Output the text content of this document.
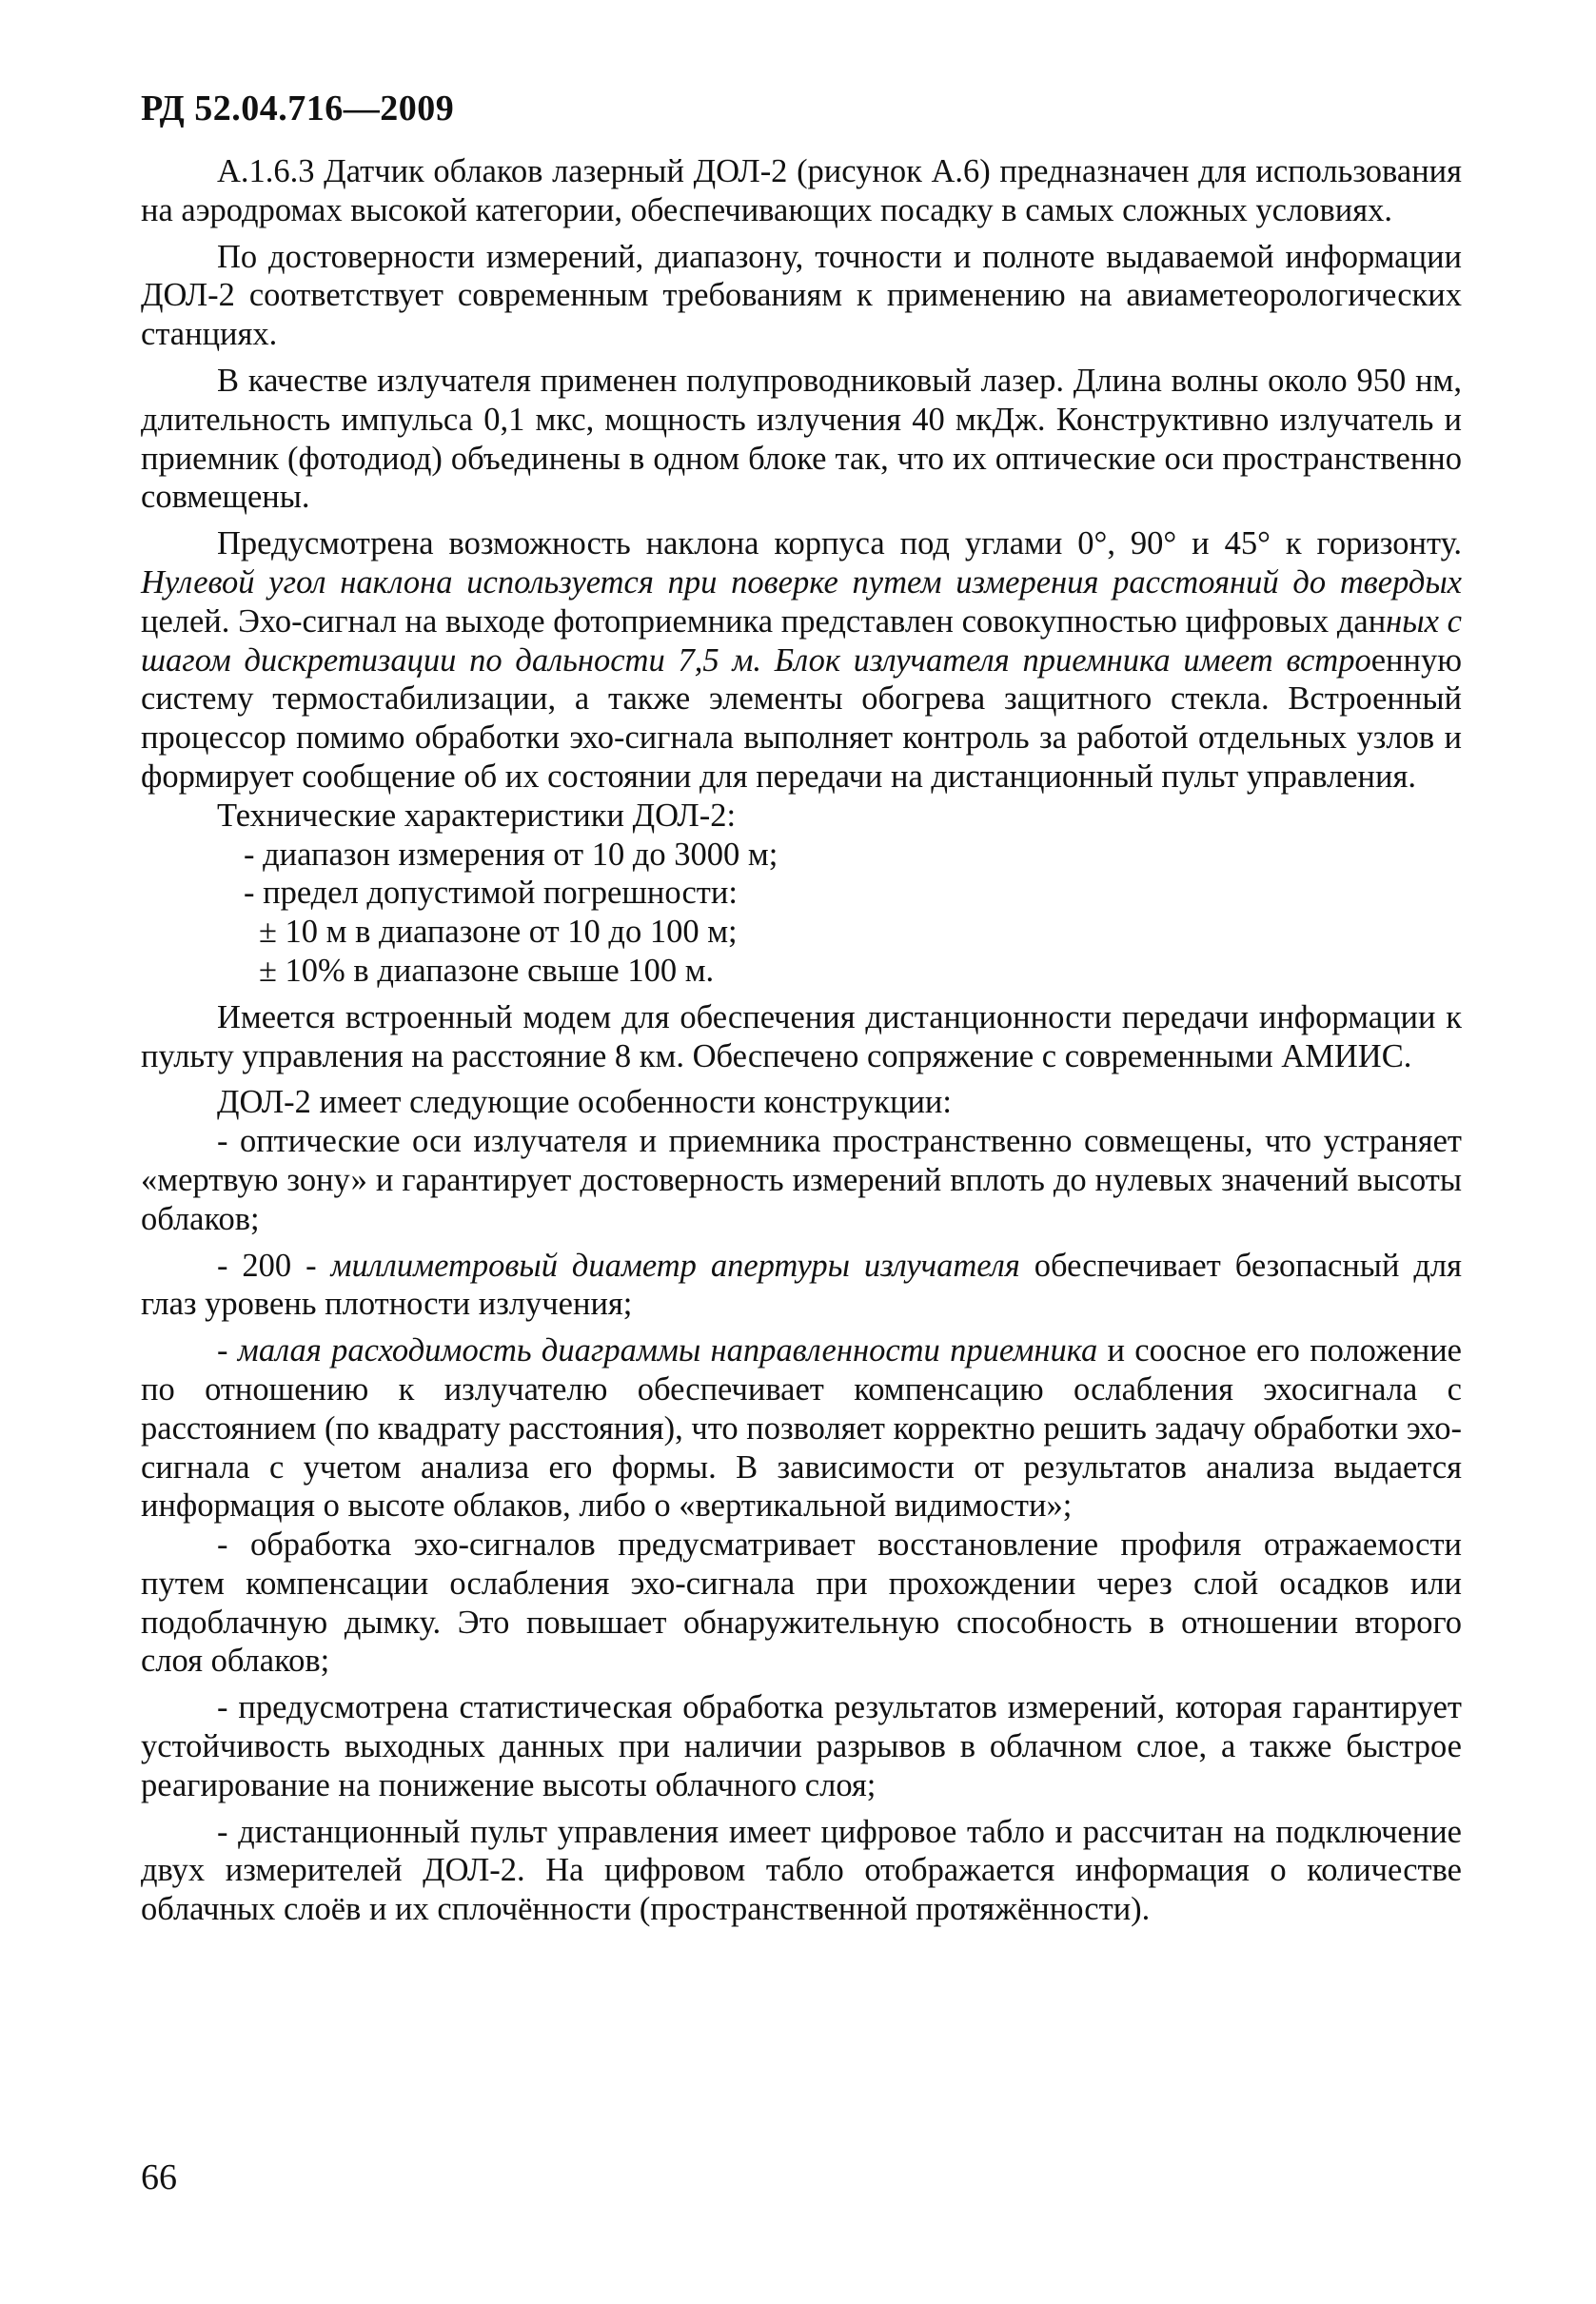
РД 52.04.716—2009

А.1.6.3 Датчик облаков лазерный ДОЛ-2 (рисунок А.6) предназначен для использования на аэродромах высокой категории, обеспечивающих посадку в самых сложных условиях.

По достоверности измерений, диапазону, точности и полноте выдаваемой информации ДОЛ-2 соответствует современным требованиям к применению на авиаметеорологических станциях.

В качестве излучателя применен полупроводниковый лазер. Длина волны около 950 нм, длительность импульса 0,1 мкс, мощность излучения 40 мкДж. Конструктивно излучатель и приемник (фотодиод) объединены в одном блоке так, что их оптические оси пространственно совмещены.

Предусмотрена возможность наклона корпуса под углами 0°, 90° и 45° к горизонту. Нулевой угол наклона используется при поверке путем измерения расстояний до твердых целей. Эхо-сигнал на выходе фотоприемника представлен совокупностью цифровых данных с шагом дискретизации по дальности 7,5 м. Блок излучателя приемника имеет встроенную систему термостабилизации, а также элементы обогрева защитного стекла. Встроенный процессор помимо обработки эхо-сигнала выполняет контроль за работой отдельных узлов и формирует сообщение об их состоянии для передачи на дистанционный пульт управления.

Технические характеристики ДОЛ-2:

- диапазон измерения от 10 до 3000 м;

- предел допустимой погрешности:

± 10 м в диапазоне от 10 до 100 м;

± 10% в диапазоне свыше 100 м.

Имеется встроенный модем для обеспечения дистанционности передачи информации к пульту управления на расстояние 8 км. Обеспечено сопряжение с современными АМИИС.

ДОЛ-2 имеет следующие особенности конструкции:

- оптические оси излучателя и приемника пространственно совмещены, что устраняет «мертвую зону» и гарантирует достоверность измерений вплоть до нулевых значений высоты облаков;

- 200 - миллиметровый диаметр апертуры излучателя обеспечивает безопасный для глаз уровень плотности излучения;

- малая расходимость диаграммы направленности приемника и соосное его положение по отношению к излучателю обеспечивает компенсацию ослабления эхосигнала с расстоянием (по квадрату расстояния), что позволяет корректно решить задачу обработки эхо-сигнала с учетом анализа его формы. В зависимости от результатов анализа выдается информация о высоте облаков, либо о «вертикальной видимости»;

- обработка эхо-сигналов предусматривает восстановление профиля отражаемости путем компенсации ослабления эхо-сигнала при прохождении через слой осадков или подоблачную дымку. Это повышает обнаружительную способность в отношении второго слоя облаков;

- предусмотрена статистическая обработка результатов измерений, которая гарантирует устойчивость выходных данных при наличии разрывов в облачном слое, а также быстрое реагирование на понижение высоты облачного слоя;

- дистанционный пульт управления имеет цифровое табло и рассчитан на подключение двух измерителей ДОЛ-2. На цифровом табло отображается информация о количестве облачных слоёв и их сплочённости (пространственной протяжённости).

66
